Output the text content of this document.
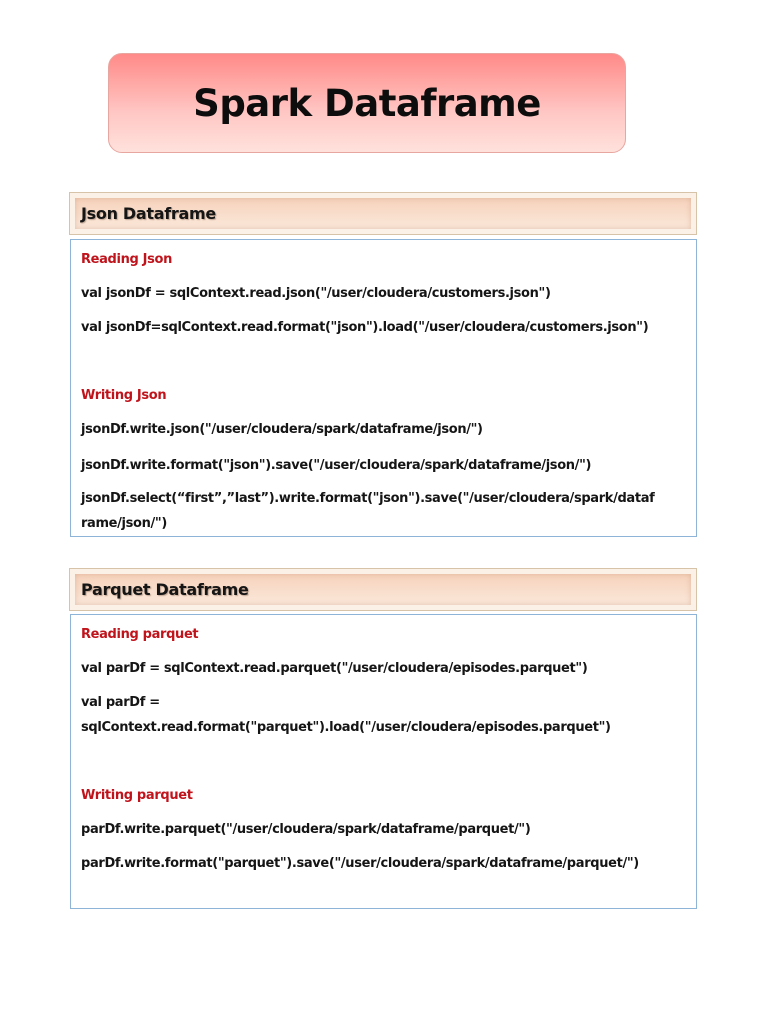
Spark Dataframe
Json Dataframe
Reading Json
val jsonDf = sqlContext.read.json("/user/cloudera/customers.json")
val jsonDf=sqlContext.read.format("json").load("/user/cloudera/customers.json")
Writing Json
jsonDf.write.json("/user/cloudera/spark/dataframe/json/")
jsonDf.write.format("json").save("/user/cloudera/spark/dataframe/json/")
jsonDf.select(“first”,”last”).write.format("json").save("/user/cloudera/spark/dataf
rame/json/")
Parquet Dataframe
Reading parquet
val parDf = sqlContext.read.parquet("/user/cloudera/episodes.parquet")
val parDf =
sqlContext.read.format("parquet").load("/user/cloudera/episodes.parquet")
Writing parquet
parDf.write.parquet("/user/cloudera/spark/dataframe/parquet/")
parDf.write.format("parquet").save("/user/cloudera/spark/dataframe/parquet/")
